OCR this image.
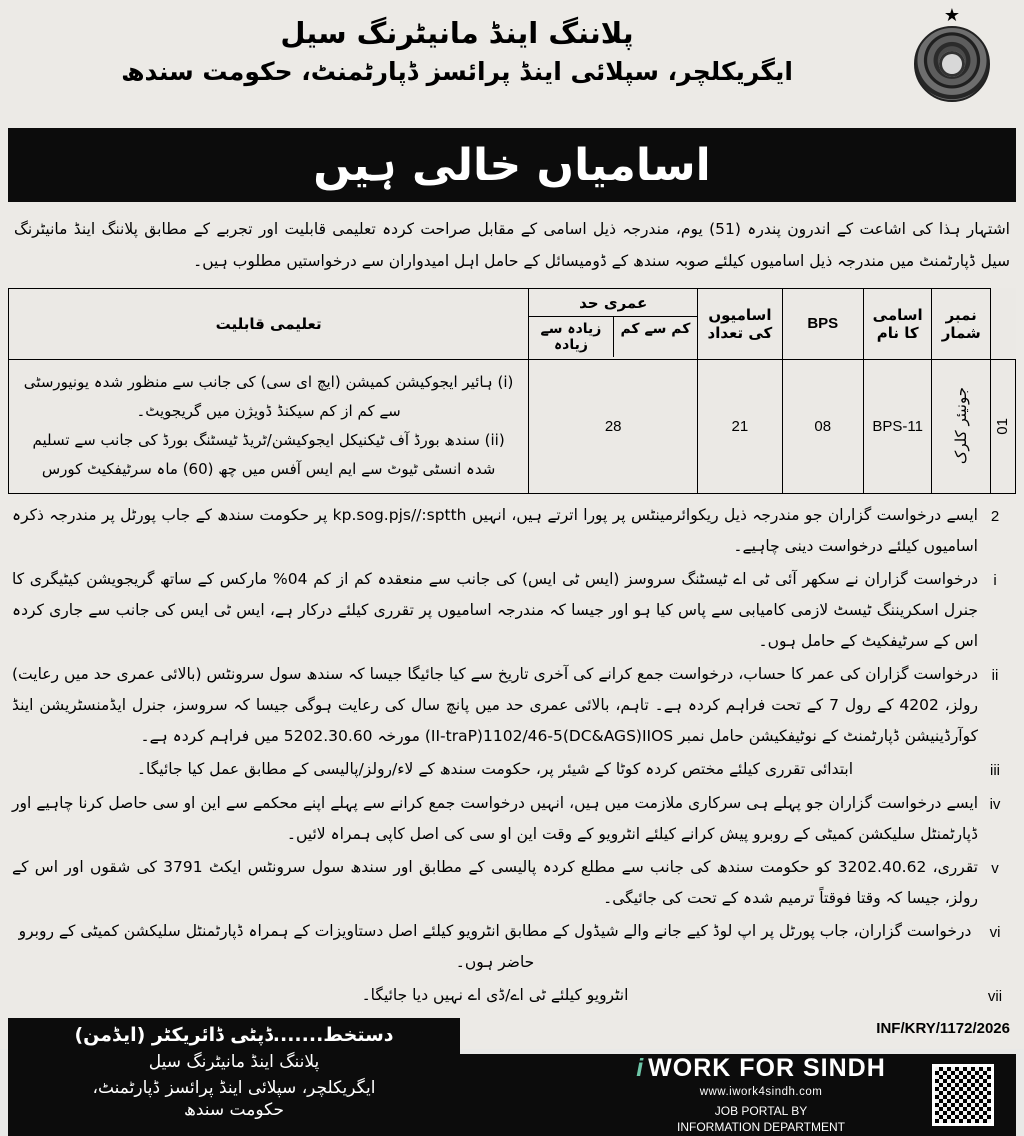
پلاننگ اینڈ مانیٹرنگ سیل
ایگریکلچر، سپلائی اینڈ پرائسز ڈپارٹمنٹ، حکومت سندھ
★
اسامیاں خالی ہیں
اشتہار ہذا کی اشاعت کے اندرون پندرہ (15) یوم، مندرجہ ذیل اسامی کے مقابل صراحت کردہ تعلیمی قابلیت اور تجربے کے مطابق پلاننگ اینڈ مانیٹرنگ سیل ڈپارٹمنٹ میں مندرجہ ذیل اسامیوں کیلئے صوبہ سندھ کے ڈومیسائل کے حامل اہل امیدواران سے درخواستیں مطلوب ہیں۔
تعلیمی قابلیت	عمری حد
زیادہ سے زیادہ
کم سے کم	اسامیوں کی تعداد	BPS	اسامی کا نام	نمبر شمار	

(i) ہائیر ایجوکیشن کمیشن (ایچ ای سی) کی جانب سے منظور شدہ یونیورسٹی سے کم از کم سیکنڈ ڈویژن میں گریجویٹ۔
(ii) سندھ بورڈ آف ٹیکنیکل ایجوکیشن/ٹریڈ ٹیسٹنگ بورڈ کی جانب سے تسلیم شدہ انسٹی ٹیوٹ سے ایم ایس آفس میں چھ (06) ماہ سرٹیفکیٹ کورس	28	21	08	BPS-11	جونیئر کلرک	01
2
ایسے درخواست گزاران جو مندرجہ ذیل ریکوائرمینٹس پر پورا اترتے ہیں، انہیں https://sjp.gos.pk پر حکومت سندھ کے جاب پورٹل پر مندرجہ ذکرہ اسامیوں کیلئے درخواست دینی چاہیے۔
i
درخواست گزاران نے سکھر آئی ٹی اے ٹیسٹنگ سروسز (ایس ٹی ایس) کی جانب سے منعقدہ کم از کم 40% مارکس کے ساتھ گریجویشن کیٹیگری کا جنرل اسکریننگ ٹیسٹ لازمی کامیابی سے پاس کیا ہو اور جیسا کہ مندرجہ اسامیوں پر تقرری کیلئے درکار ہے، ایس ٹی ایس کی جانب سے جاری کردہ اس کے سرٹیفکیٹ کے حامل ہوں۔
ii
درخواست گزاران کی عمر کا حساب، درخواست جمع کرانے کی آخری تاریخ سے کیا جائیگا جیسا کہ سندھ سول سرونٹس (بالائی عمری حد میں رعایت) رولز، 2024 کے رول 7 کے تحت فراہم کردہ ہے۔ تاہم، بالائی عمری حد میں پانچ سال کی رعایت ہوگی جیسا کہ سروسز، جنرل ایڈمنسٹریشن اینڈ کوآرڈینیشن ڈپارٹمنٹ کے نوٹیفکیشن حامل نمبر SOII(SGA&CD)5-64/2011(Part-II) مورخہ 06.03.2025 میں فراہم کردہ ہے۔
iii
ابتدائی تقرری کیلئے مختص کردہ کوٹا کے شیئر پر، حکومت سندھ کے لاء/رولز/پالیسی کے مطابق عمل کیا جائیگا۔
iv
ایسے درخواست گزاران جو پہلے ہی سرکاری ملازمت میں ہیں، انہیں درخواست جمع کرانے سے پہلے اپنے محکمے سے این او سی حاصل کرنا چاہیے اور ڈپارٹمنٹل سلیکشن کمیٹی کے روبرو پیش کرانے کیلئے انٹرویو کے وقت این او سی کی اصل کاپی ہمراہ لائیں۔
v
تقرری، 26.04.2023 کو حکومت سندھ کی جانب سے مطلع کردہ پالیسی کے مطابق اور سندھ سول سرونٹس ایکٹ 1973 کی شقوں اور اس کے رولز، جیسا کہ وقتا فوقتاً ترمیم شدہ کے تحت کی جائیگی۔
vi
درخواست گزاران، جاب پورٹل پر اپ لوڈ کیے جانے والے شیڈول کے مطابق انٹرویو کیلئے اصل دستاویزات کے ہمراہ ڈپارٹمنٹل سلیکشن کمیٹی کے روبرو حاضر ہوں۔
vii
انٹرویو کیلئے ٹی اے/ڈی اے نہیں دیا جائیگا۔
دستخط.......ڈپٹی ڈائریکٹر (ایڈمن)
پلاننگ اینڈ مانیٹرنگ سیل
ایگریکلچر، سپلائی اینڈ پرائسز ڈپارٹمنٹ،
حکومت سندھ
INF/KRY/1172/2026
i WORK FOR SINDH
www.iwork4sindh.com
JOB PORTAL BY
INFORMATION DEPARTMENT
